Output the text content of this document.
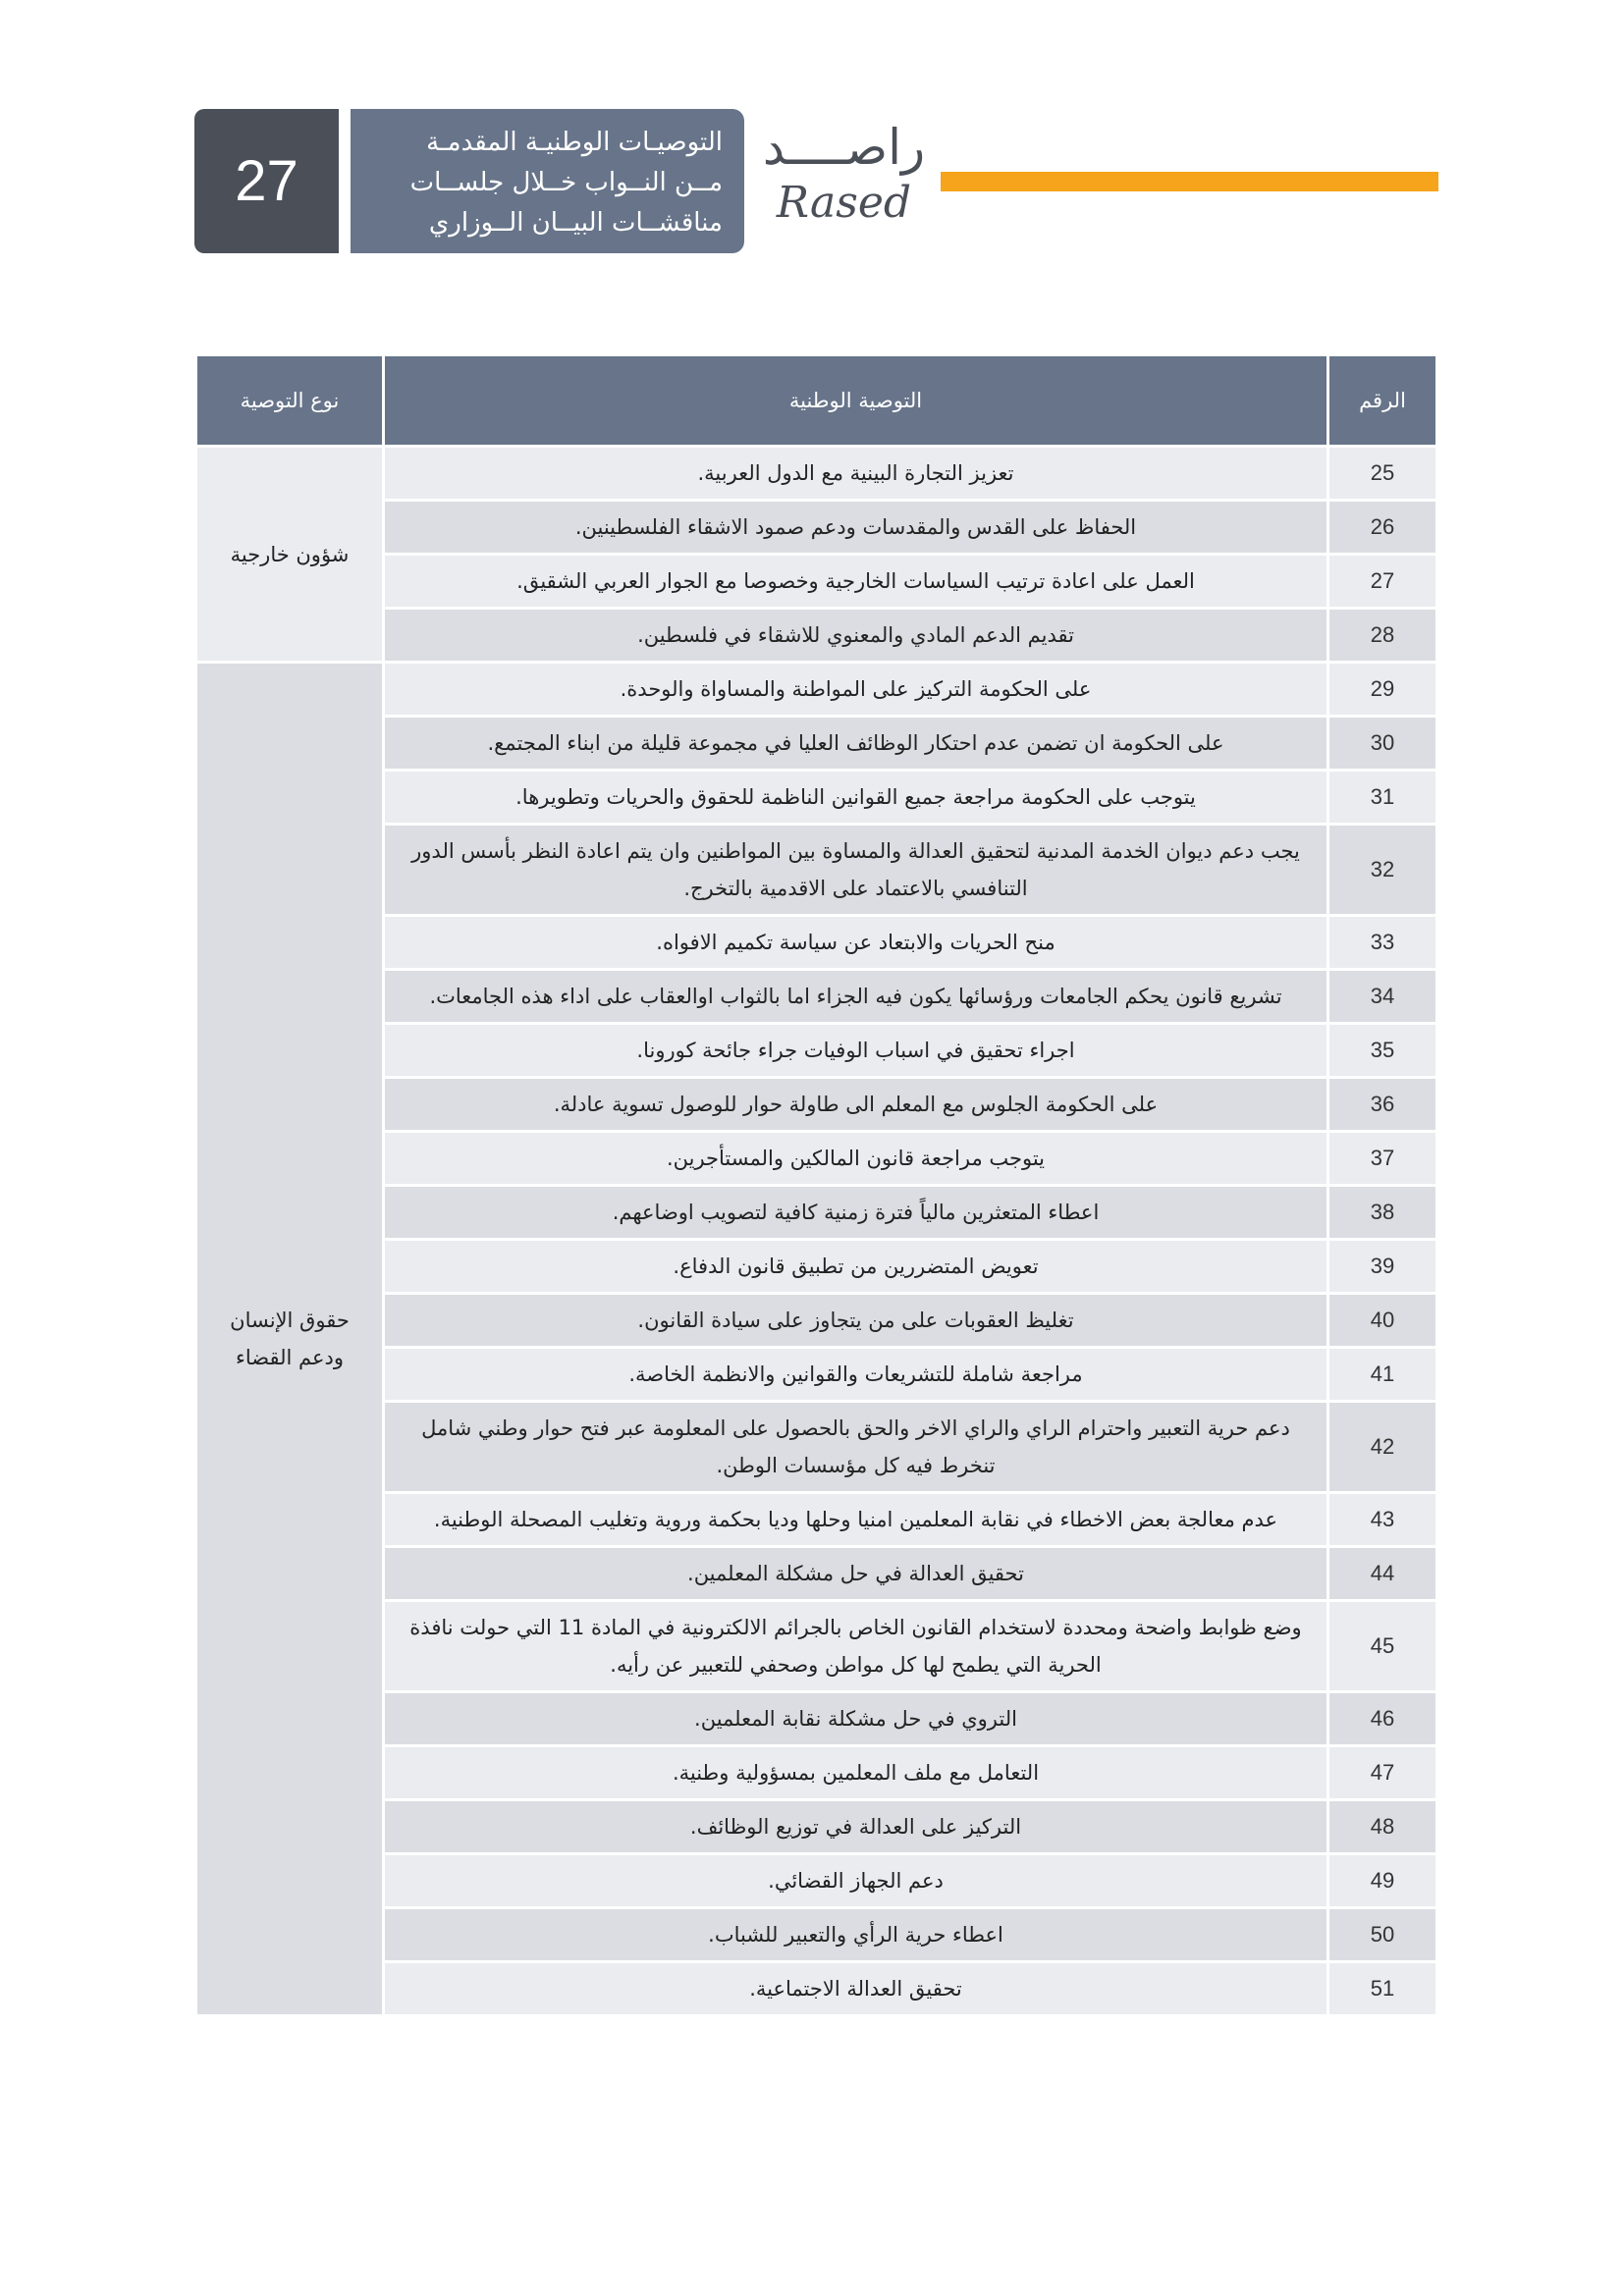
27
التوصيـات الوطنيـة المقدمـة
مــن النــواب خــلال جلســات
مناقشــات البيــان الــوزاري
راصــــد
Rased
الرقم	التوصية الوطنية	نوع التوصية
25	تعزيز التجارة البينية مع الدول العربية.	شؤون خارجية
26	الحفاظ على القدس والمقدسات ودعم صمود الاشقاء الفلسطينين.	
27	العمل على اعادة ترتيب السياسات الخارجية وخصوصا مع الجوار العربي الشقيق.	
28	تقديم الدعم المادي والمعنوي للاشقاء في فلسطين.	
29	على الحكومة التركيز على المواطنة والمساواة والوحدة.	حقوق الإنسان ودعم القضاء
30	على الحكومة ان تضمن عدم احتكار الوظائف العليا في مجموعة قليلة من ابناء المجتمع.	
31	يتوجب على الحكومة مراجعة جميع القوانين الناظمة للحقوق والحريات وتطويرها.	
32	يجب دعم ديوان الخدمة المدنية لتحقيق العدالة والمساوة بين المواطنين وان يتم اعادة النظر بأسس الدور التنافسي بالاعتماد على الاقدمية بالتخرج.	
33	منح الحريات والابتعاد عن سياسة تكميم الافواه.	
34	تشريع قانون يحكم الجامعات ورؤسائها يكون فيه الجزاء اما بالثواب اوالعقاب على اداء هذه الجامعات.	
35	اجراء تحقيق في اسباب الوفيات جراء جائحة كورونا.	
36	على الحكومة الجلوس مع المعلم الى طاولة حوار للوصول تسوية عادلة.	
37	يتوجب مراجعة قانون المالكين والمستأجرين.	
38	اعطاء المتعثرين مالياً فترة زمنية كافية لتصويب اوضاعهم.	
39	تعويض المتضررين من تطبيق قانون الدفاع.	
40	تغليظ العقوبات على من يتجاوز على سيادة القانون.	
41	مراجعة شاملة للتشريعات والقوانين والانظمة الخاصة.	
42	دعم حرية التعبير واحترام الراي والراي الاخر والحق بالحصول على المعلومة عبر فتح حوار وطني شامل تنخرط فيه كل مؤسسات الوطن.	
43	عدم معالجة بعض الاخطاء في نقابة المعلمين امنيا وحلها وديا بحكمة وروية وتغليب المصحلة الوطنية.	
44	تحقيق العدالة في حل مشكلة المعلمين.	
45	وضع ظوابط واضحة ومحددة لاستخدام القانون الخاص بالجرائم الالكترونية في المادة 11 التي حولت نافذة الحرية التي يطمح لها كل مواطن وصحفي للتعبير عن رأيه.	
46	التروي في حل مشكلة نقابة المعلمين.	
47	التعامل مع ملف المعلمين بمسؤولية وطنية.	
48	التركيز على العدالة في توزيع الوظائف.	
49	دعم الجهاز القضائي.	
50	اعطاء حرية الرأي والتعبير للشباب.	
51	تحقيق العدالة الاجتماعية.	
